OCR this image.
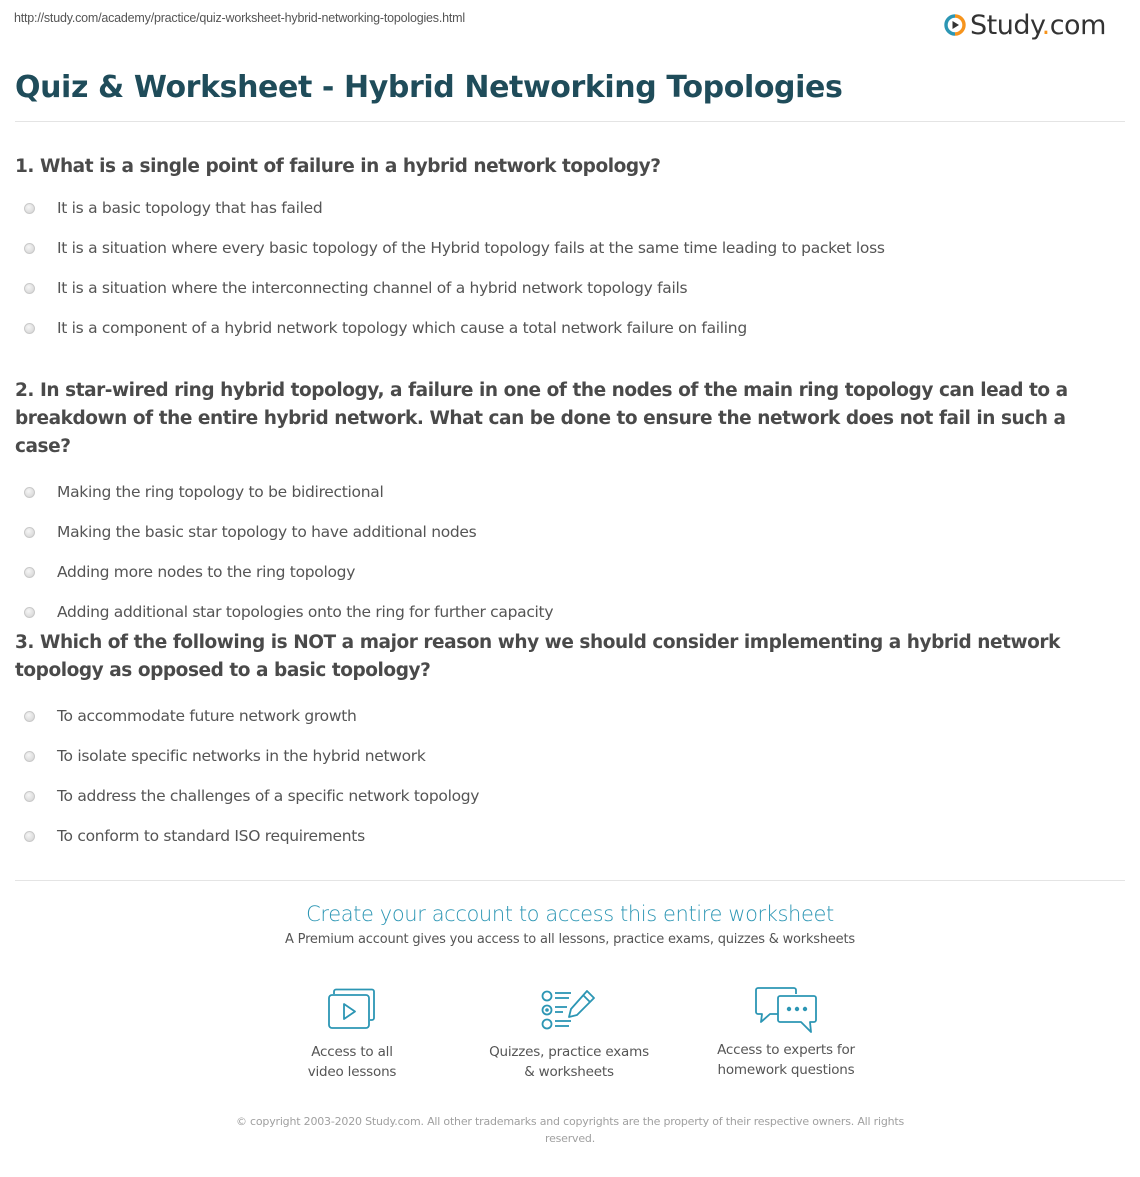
http://study.com/academy/practice/quiz-worksheet-hybrid-networking-topologies.html	Study.com
Quiz & Worksheet - Hybrid Networking Topologies
1. What is a single point of failure in a hybrid network topology?
It is a basic topology that has failed
It is a situation where every basic topology of the Hybrid topology fails at the same time leading to packet loss
It is a situation where the interconnecting channel of a hybrid network topology fails
It is a component of a hybrid network topology which cause a total network failure on failing
2. In star-wired ring hybrid topology, a failure in one of the nodes of the main ring topology can lead to a breakdown of the entire hybrid network. What can be done to ensure the network does not fail in such a case?
Making the ring topology to be bidirectional
Making the basic star topology to have additional nodes
Adding more nodes to the ring topology
Adding additional star topologies onto the ring for further capacity
3. Which of the following is NOT a major reason why we should consider implementing a hybrid network topology as opposed to a basic topology?
To accommodate future network growth
To isolate specific networks in the hybrid network
To address the challenges of a specific network topology
To conform to standard ISO requirements
Create your account to access this entire worksheet
A Premium account gives you access to all lessons, practice exams, quizzes & worksheets
Access to all
video lessons
Quizzes, practice exams
& worksheets
Access to experts for
homework questions
© copyright 2003-2020 Study.com. All other trademarks and copyrights are the property of their respective owners. All rights
reserved.
